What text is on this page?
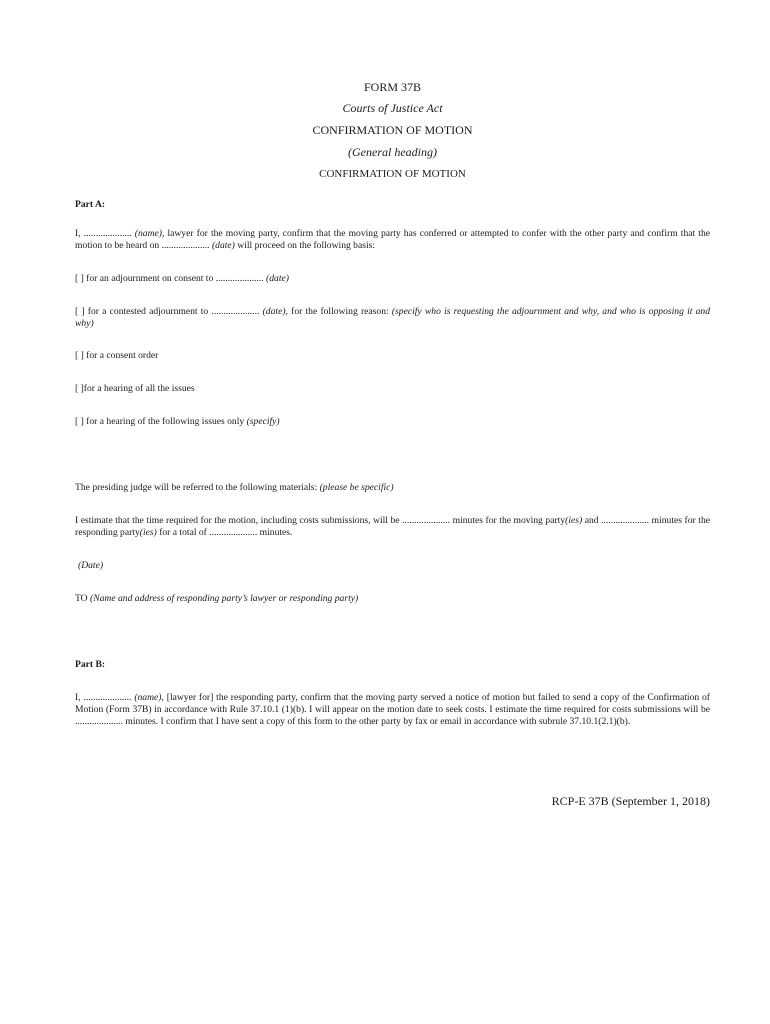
FORM 37B
Courts of Justice Act
CONFIRMATION OF MOTION
(General heading)
CONFIRMATION OF MOTION
Part A:
I, .................... (name), lawyer for the moving party, confirm that the moving party has conferred or attempted to confer with the other party and confirm that the motion to be heard on .................... (date) will proceed on the following basis:
[ ] for an adjournment on consent to .................... (date)
[ ] for a contested adjournment to .................... (date), for the following reason: (specify who is requesting the adjournment and why, and who is opposing it and why)
[ ] for a consent order
[ ]for a hearing of all the issues
[ ] for a hearing of the following issues only (specify)
The presiding judge will be referred to the following materials: (please be specific)
I estimate that the time required for the motion, including costs submissions, will be .................... minutes for the moving party(ies) and .................... minutes for the responding party(ies) for a total of .................... minutes.
(Date)
TO (Name and address of responding party’s lawyer or responding party)
Part B:
I, .................... (name), [lawyer for] the responding party, confirm that the moving party served a notice of motion but failed to send a copy of the Confirmation of Motion (Form 37B) in accordance with Rule 37.10.1 (1)(b). I will appear on the motion date to seek costs. I estimate the time required for costs submissions will be .................... minutes. I confirm that I have sent a copy of this form to the other party by fax or email in accordance with subrule 37.10.1(2.1)(b).
RCP-E 37B (September 1, 2018)
